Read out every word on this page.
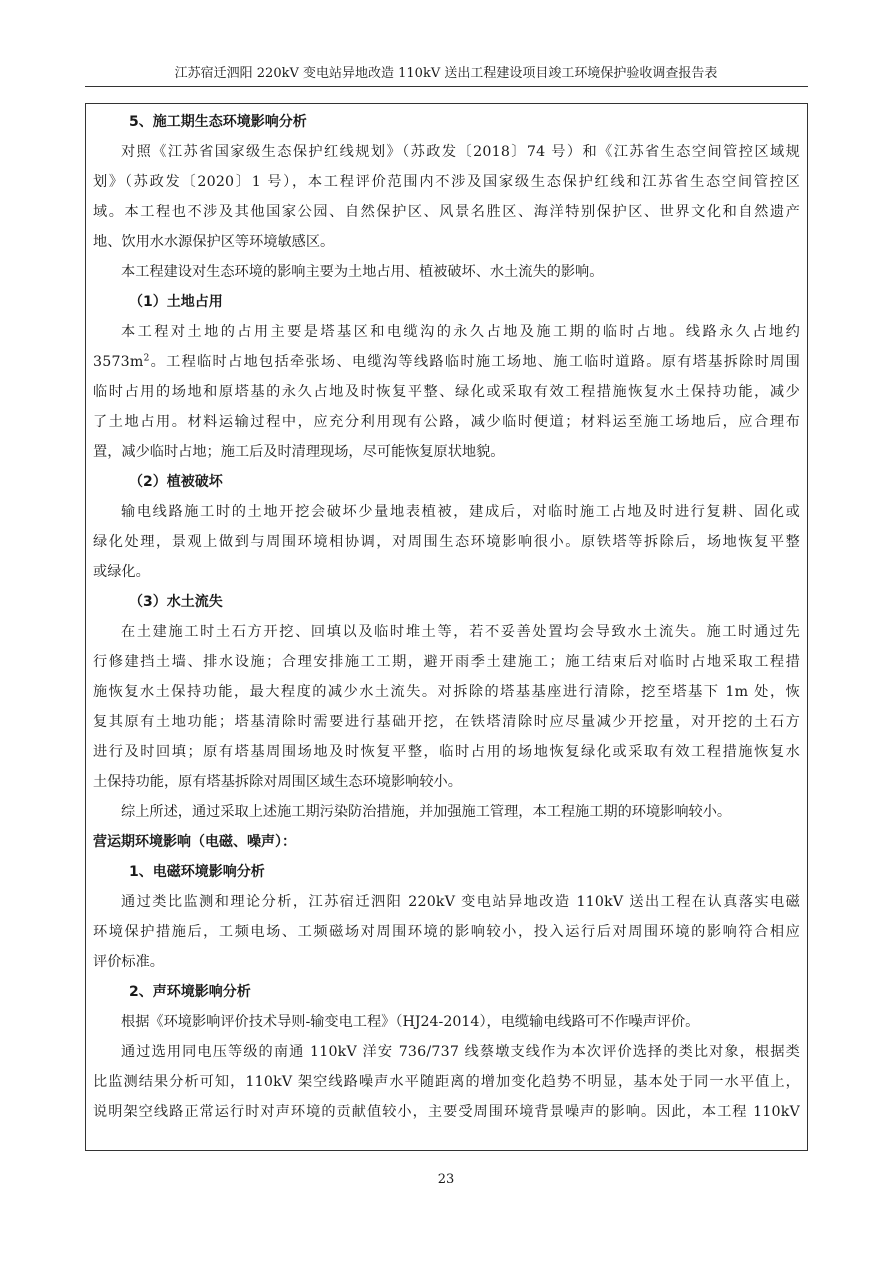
江苏宿迁泗阳 220kV 变电站异地改造 110kV 送出工程建设项目竣工环境保护验收调查报告表
5、施工期生态环境影响分析
对照《江苏省国家级生态保护红线规划》（苏政发〔2018〕74 号）和《江苏省生态空间管控区域规
划》（苏政发〔2020〕1 号），本工程评价范围内不涉及国家级生态保护红线和江苏省生态空间管控区
域。本工程也不涉及其他国家公园、自然保护区、风景名胜区、海洋特别保护区、世界文化和自然遗产
地、饮用水水源保护区等环境敏感区。
本工程建设对生态环境的影响主要为土地占用、植被破坏、水土流失的影响。
（1）土地占用
本工程对土地的占用主要是塔基区和电缆沟的永久占地及施工期的临时占地。线路永久占地约
$3573m^2$。工程临时占地包括牵张场、电缆沟等线路临时施工场地、施工临时道路。原有塔基拆除时周围
临时占用的场地和原塔基的永久占地及时恢复平整、绿化或采取有效工程措施恢复水土保持功能，减少
了土地占用。材料运输过程中，应充分利用现有公路，减少临时便道；材料运至施工场地后，应合理布
置，减少临时占地；施工后及时清理现场，尽可能恢复原状地貌。
（2）植被破坏
输电线路施工时的土地开挖会破坏少量地表植被，建成后，对临时施工占地及时进行复耕、固化或
绿化处理，景观上做到与周围环境相协调，对周围生态环境影响很小。原铁塔等拆除后，场地恢复平整
或绿化。
（3）水土流失
在土建施工时土石方开挖、回填以及临时堆土等，若不妥善处置均会导致水土流失。施工时通过先
行修建挡土墙、排水设施；合理安排施工工期，避开雨季土建施工；施工结束后对临时占地采取工程措
施恢复水土保持功能，最大程度的减少水土流失。对拆除的塔基基座进行清除，挖至塔基下 1m 处，恢
复其原有土地功能；塔基清除时需要进行基础开挖，在铁塔清除时应尽量减少开挖量，对开挖的土石方
进行及时回填；原有塔基周围场地及时恢复平整，临时占用的场地恢复绿化或采取有效工程措施恢复水
土保持功能，原有塔基拆除对周围区域生态环境影响较小。
综上所述，通过采取上述施工期污染防治措施，并加强施工管理，本工程施工期的环境影响较小。
营运期环境影响（电磁、噪声）：
1、电磁环境影响分析
通过类比监测和理论分析，江苏宿迁泗阳 220kV 变电站异地改造 110kV 送出工程在认真落实电磁
环境保护措施后，工频电场、工频磁场对周围环境的影响较小，投入运行后对周围环境的影响符合相应
评价标准。
2、声环境影响分析
根据《环境影响评价技术导则-输变电工程》（HJ24-2014），电缆输电线路可不作噪声评价。
通过选用同电压等级的南通 110kV 洋安 736/737 线蔡墩支线作为本次评价选择的类比对象，根据类
比监测结果分析可知，110kV 架空线路噪声水平随距离的增加变化趋势不明显，基本处于同一水平值上，
说明架空线路正常运行时对声环境的贡献值较小，主要受周围环境背景噪声的影响。因此，本工程 110kV
23
